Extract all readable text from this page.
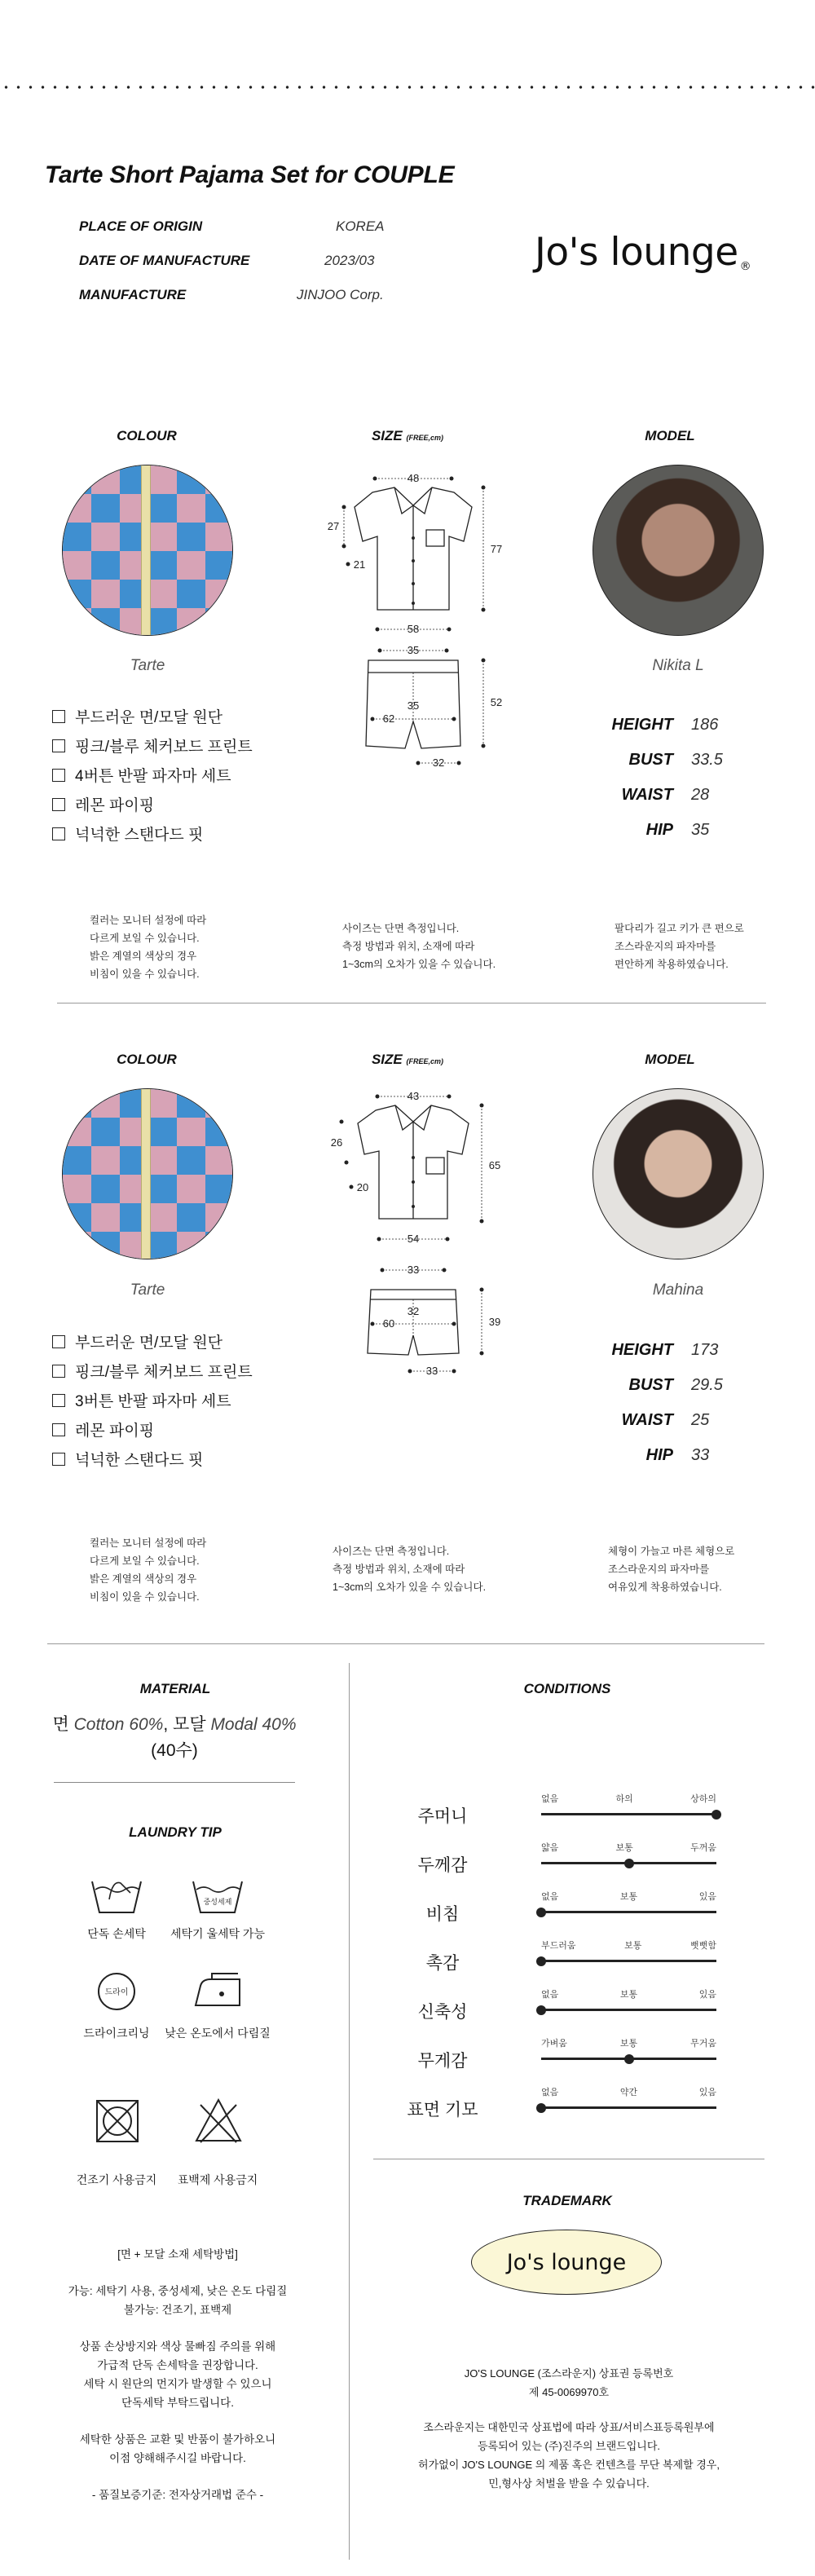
Tarte Short Pajama Set for COUPLE
PLACE OF ORIGIN	KOREA
DATE OF MANUFACTURE	2023/03
MANUFACTURE	JINJOO Corp.
Jo's lounge ®
COLOUR	SIZE (FREE,cm)	MODEL
48
27
21
77
58
35
35
62
52
32
Tarte	Nikita L
부드러운 면/모달 원단
핑크/블루 체커보드 프린트
4버튼 반팔 파자마 세트
레몬 파이핑
넉넉한 스탠다드 핏
HEIGHT	186
BUST	33.5
WAIST	28
HIP	35
컬러는 모니터 설정에 따라
다르게 보일 수 있습니다.
밝은 계열의 색상의 경우
비침이 있을 수 있습니다.
사이즈는 단면 측정입니다.
측정 방법과 위치, 소재에 따라
1~3cm의 오차가 있을 수 있습니다.
팔다리가 길고 키가 큰 편으로
조스라운지의 파자마를
편안하게 착용하였습니다.
COLOUR	SIZE (FREE,cm)	MODEL
43
26
20
65
54
33
32
60	39
33
Tarte	Mahina
부드러운 면/모달 원단
핑크/블루 체커보드 프린트
3버튼 반팔 파자마 세트
레몬 파이핑
넉넉한 스탠다드 핏
HEIGHT	173
BUST	29.5
WAIST	25
HIP	33
컬러는 모니터 설정에 따라
다르게 보일 수 있습니다.
밝은 계열의 색상의 경우
비침이 있을 수 있습니다.
사이즈는 단면 측정입니다.
측정 방법과 위치, 소재에 따라
1~3cm의 오차가 있을 수 있습니다.
체형이 가늘고 마른 체형으로
조스라운지의 파자마를
여유있게 착용하였습니다.
MATERIAL
면 Cotton 60%, 모달 Modal 40%
(40수)
LAUNDRY TIP
중성세제
단독 손세탁	세탁기 울세탁 가능
드라이
드라이크리닝	낮은 온도에서 다림질
건조기 사용금지	표백제 사용금지
[면 + 모달 소재 세탁방법]
가능: 세탁기 사용, 중성세제, 낮은 온도 다림질
불가능: 건조기, 표백제
상품 손상방지와 색상 물빠짐 주의를 위해
가급적 단독 손세탁을 권장합니다.
세탁 시 원단의 먼지가 발생할 수 있으니
단독세탁 부탁드립니다.
세탁한 상품은 교환 및 반품이 불가하오니
이점 양해해주시길 바랍니다.
- 품질보증기준: 전자상거래법 준수 -
CONDITIONS
주머니
없음	하의	상하의
두께감
얇음	보통	두꺼움
비침
없음	보통	있음
촉감
부드러움	보통	뻣뻣함
신축성
없음	보통	있음
무게감
가벼움	보통	무거움
표면 기모
없음	약간	있음
TRADEMARK
Jo's lounge
JO'S LOUNGE (조스라운지) 상표권 등록번호
제 45-0069970호
조스라운지는 대한민국 상표법에 따라 상표/서비스표등록원부에
등록되어 있는 (주)진주의 브랜드입니다.
허가없이 JO'S LOUNGE 의 제품 혹은 컨텐츠를 무단 복제할 경우,
민,형사상 처벌을 받을 수 있습니다.
